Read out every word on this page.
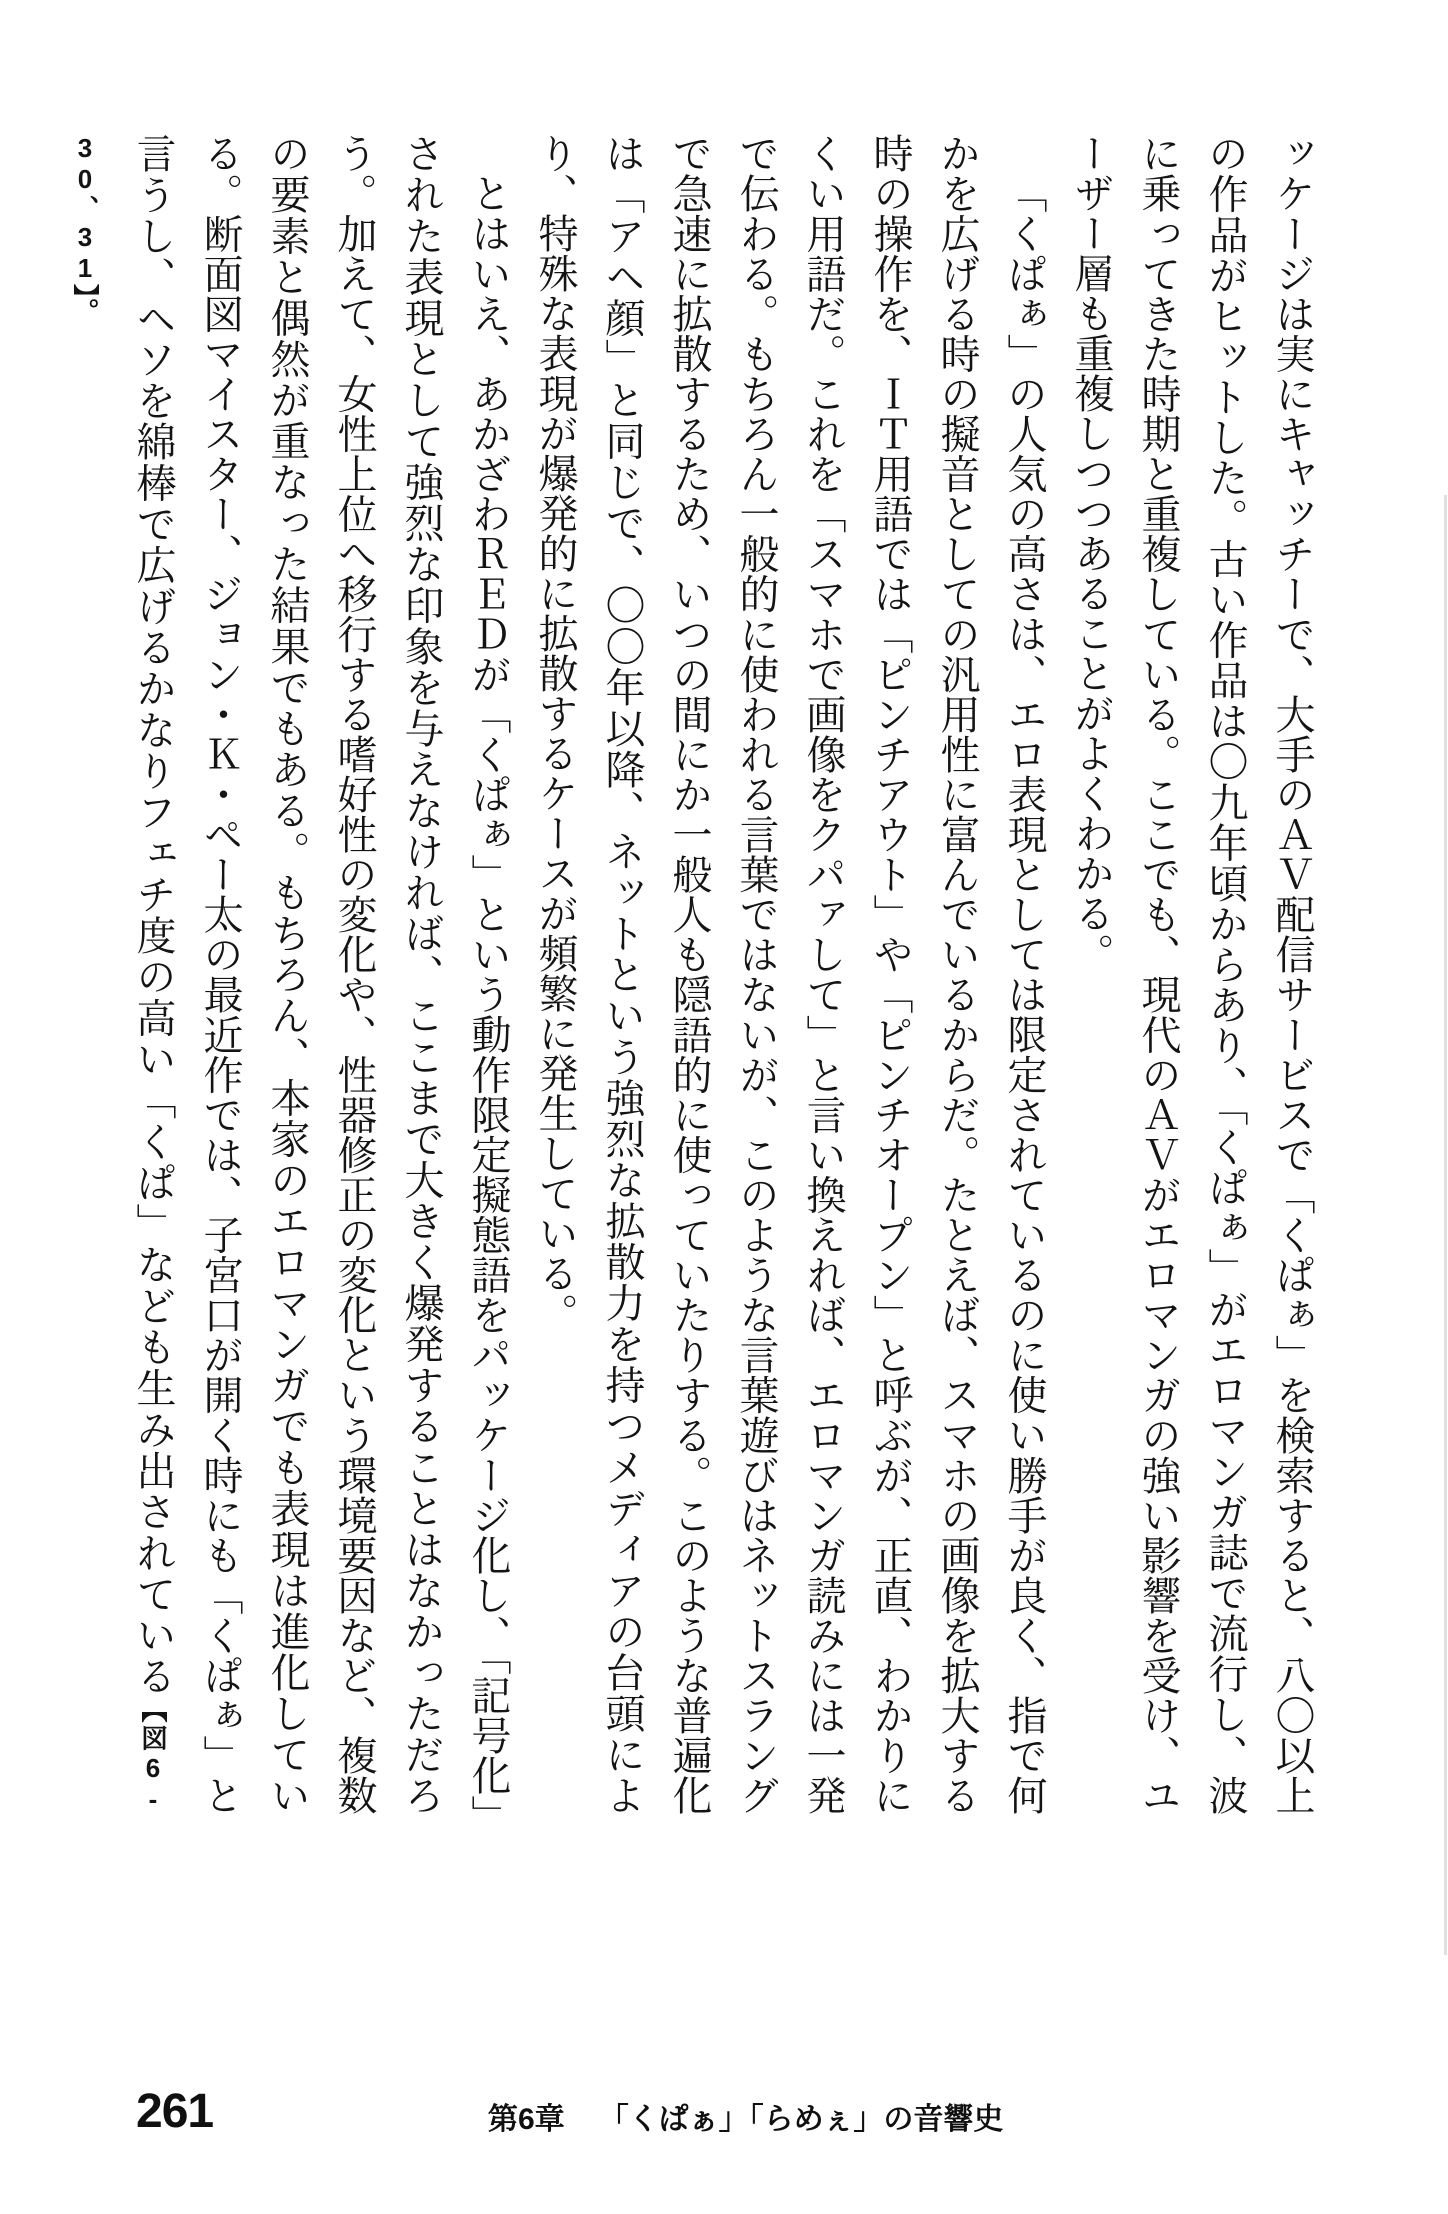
ッケージは実にキャッチーで、大手のＡＶ配信サービスで「くぱぁ」を検索すると、八〇以上の作品がヒットした。古い作品は〇九年頃からあり、「くぱぁ」がエロマンガ誌で流行し、波に乗ってきた時期と重複している。ここでも、現代のＡＶがエロマンガの強い影響を受け、ユーザー層も重複しつつあることがよくわかる。

「くぱぁ」の人気の高さは、エロ表現としては限定されているのに使い勝手が良く、指で何かを広げる時の擬音としての汎用性に富んでいるからだ。たとえば、スマホの画像を拡大する時の操作を、ＩＴ用語では「ピンチアウト」や「ピンチオープン」と呼ぶが、正直、わかりにくい用語だ。これを「スマホで画像をクパァして」と言い換えれば、エロマンガ読みには一発で伝わる。もちろん一般的に使われる言葉ではないが、このような言葉遊びはネットスラングで急速に拡散するため、いつの間にか一般人も隠語的に使っていたりする。このような普遍化は「アヘ顔」と同じで、〇〇年以降、ネットという強烈な拡散力を持つメディアの台頭により、特殊な表現が爆発的に拡散するケースが頻繁に発生している。

とはいえ、あかざわＲＥＤが「くぱぁ」という動作限定擬態語をパッケージ化し、「記号化」された表現として強烈な印象を与えなければ、ここまで大きく爆発することはなかっただろう。加えて、女性上位へ移行する嗜好性の変化や、性器修正の変化という環境要因など、複数の要素と偶然が重なった結果でもある。もちろん、本家のエロマンガでも表現は進化している。断面図マイスター、ジョン・Ｋ・ペー太の最近作では、子宮口が開く時にも「くぱぁ」と言うし、ヘソを綿棒で広げるかなりフェチ度の高い「くぱ」なども生み出されている【図6-30、31】。

261	第6章 「くぱぁ」「らめぇ」の音響史
